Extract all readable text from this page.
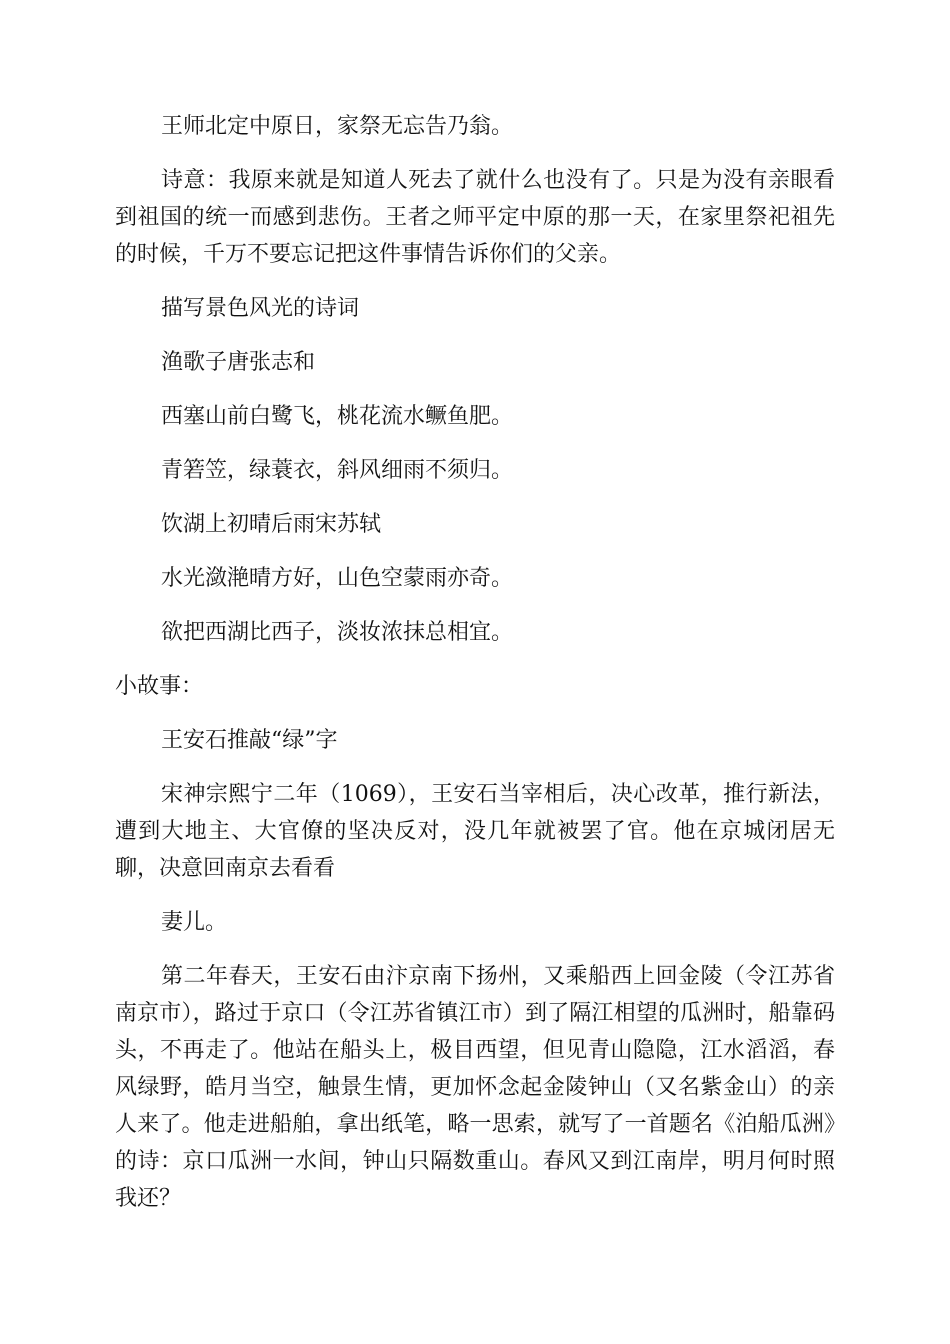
王师北定中原日，家祭无忘告乃翁。

诗意：我原来就是知道人死去了就什么也没有了。只是为没有亲眼看到祖国的统一而感到悲伤。王者之师平定中原的那一天，在家里祭祀祖先的时候，千万不要忘记把这件事情告诉你们的父亲。

描写景色风光的诗词

渔歌子唐张志和

西塞山前白鹭飞，桃花流水鳜鱼肥。

青箬笠，绿蓑衣，斜风细雨不须归。

饮湖上初晴后雨宋苏轼

水光潋滟晴方好，山色空蒙雨亦奇。

欲把西湖比西子，淡妆浓抹总相宜。

小故事：

王安石推敲“绿”字

宋神宗熙宁二年（1069），王安石当宰相后，决心改革，推行新法，遭到大地主、大官僚的坚决反对，没几年就被罢了官。他在京城闭居无聊，决意回南京去看看

妻儿。

第二年春天，王安石由汴京南下扬州，又乘船西上回金陵（令江苏省南京市），路过于京口（令江苏省镇江市）到了隔江相望的瓜洲时，船靠码头，不再走了。他站在船头上，极目西望，但见青山隐隐，江水滔滔，春风绿野，皓月当空，触景生情，更加怀念起金陵钟山（又名紫金山）的亲人来了。他走进船舶，拿出纸笔，略一思索，就写了一首题名《泊船瓜洲》的诗：京口瓜洲一水间，钟山只隔数重山。春风又到江南岸，明月何时照我还？
